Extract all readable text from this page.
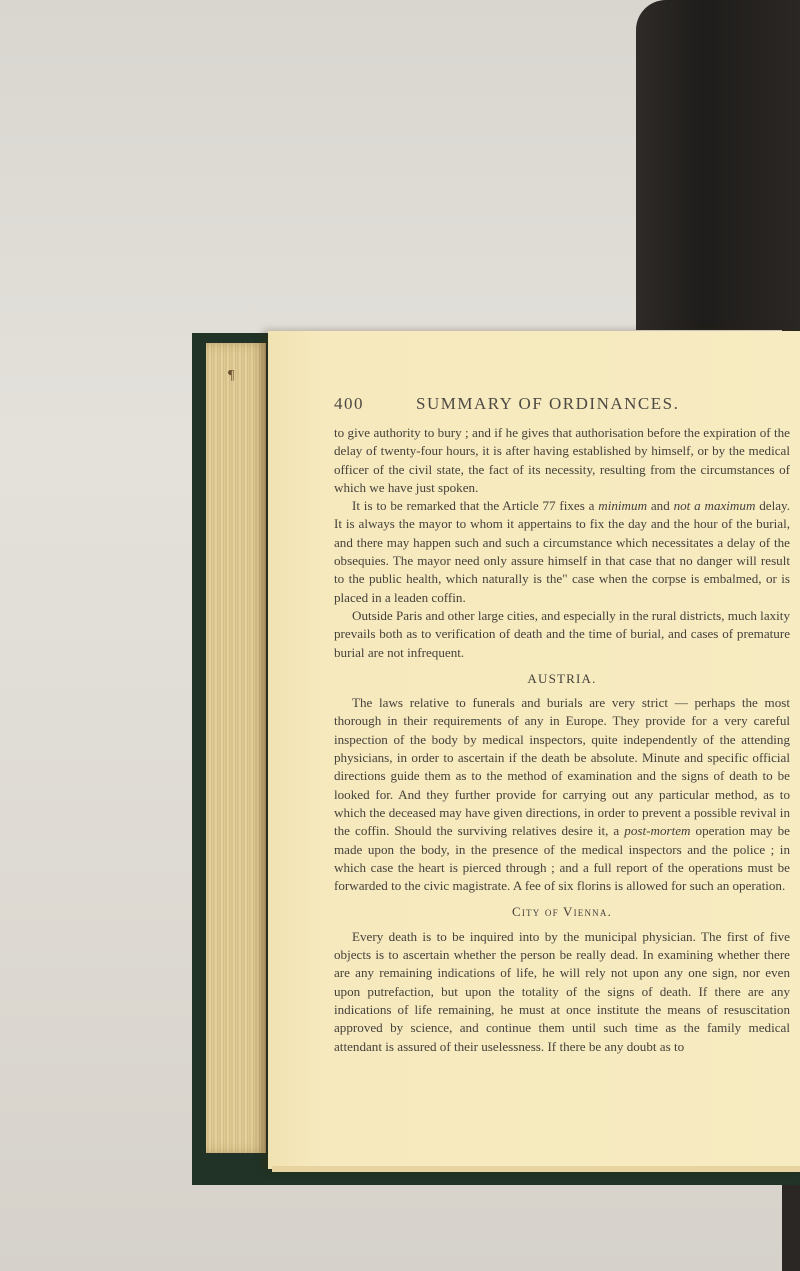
¶
400	SUMMARY OF ORDINANCES.

to give authority to bury ; and if he gives that authorisation before the expiration of the delay of twenty-four hours, it is after having established by himself, or by the medical officer of the civil state, the fact of its necessity, resulting from the circumstances of which we have just spoken.

It is to be remarked that the Article 77 fixes a minimum and not a maximum delay. It is always the mayor to whom it appertains to fix the day and the hour of the burial, and there may happen such and such a circumstance which necessitates a delay of the obsequies. The mayor need only assure himself in that case that no danger will result to the public health, which naturally is the" case when the corpse is embalmed, or is placed in a leaden coffin.

Outside Paris and other large cities, and especially in the rural districts, much laxity prevails both as to verification of death and the time of burial, and cases of premature burial are not infrequent.

AUSTRIA.

The laws relative to funerals and burials are very strict — perhaps the most thorough in their requirements of any in Europe. They provide for a very careful inspection of the body by medical inspectors, quite independently of the attending physicians, in order to ascertain if the death be absolute. Minute and specific official directions guide them as to the method of examination and the signs of death to be looked for. And they further provide for carrying out any particular method, as to which the deceased may have given directions, in order to prevent a possible revival in the coffin. Should the surviving relatives desire it, a post-mortem operation may be made upon the body, in the presence of the medical inspectors and the police ; in which case the heart is pierced through ; and a full report of the operations must be forwarded to the civic magistrate. A fee of six florins is allowed for such an operation.

City of Vienna.

Every death is to be inquired into by the municipal physician. The first of five objects is to ascertain whether the person be really dead. In examining whether there are any remaining indications of life, he will rely not upon any one sign, nor even upon putrefaction, but upon the totality of the signs of death. If there are any indications of life remaining, he must at once institute the means of resuscitation approved by science, and continue them until such time as the family medical attendant is assured of their uselessness. If there be any doubt as to
